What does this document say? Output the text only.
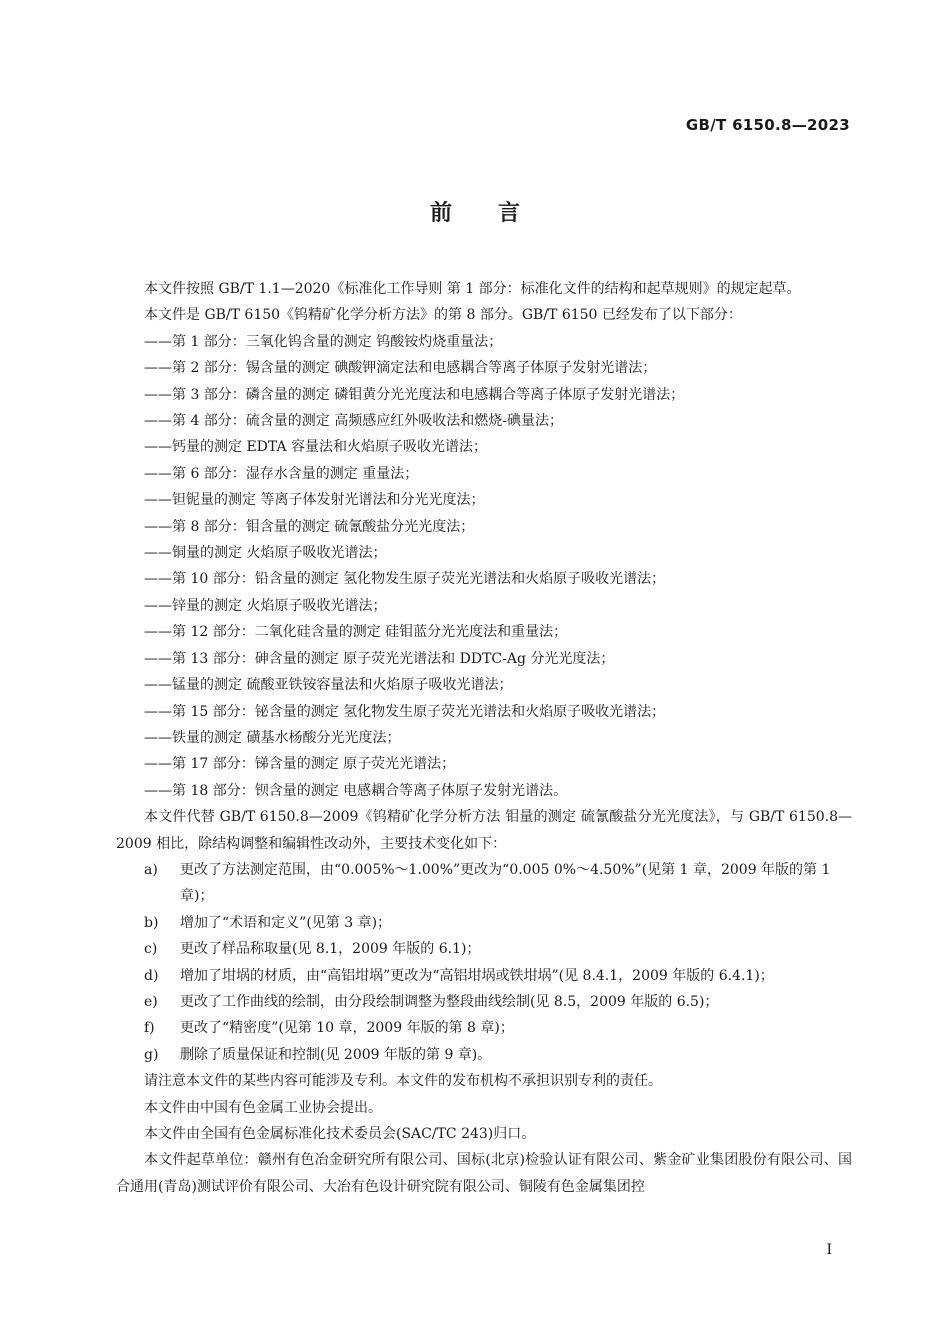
GB/T 6150.8—2023
前言

本文件按照 GB/T 1.1—2020《标准化工作导则 第 1 部分：标准化文件的结构和起草规则》的规定起草。

本文件是 GB/T 6150《钨精矿化学分析方法》的第 8 部分。GB/T 6150 已经发布了以下部分：

——第 1 部分：三氧化钨含量的测定 钨酸铵灼烧重量法；
——第 2 部分：锡含量的测定 碘酸钾滴定法和电感耦合等离子体原子发射光谱法；
——第 3 部分：磷含量的测定 磷钼黄分光光度法和电感耦合等离子体原子发射光谱法；
——第 4 部分：硫含量的测定 高频感应红外吸收法和燃烧-碘量法；
——钙量的测定 EDTA 容量法和火焰原子吸收光谱法；
——第 6 部分：湿存水含量的测定 重量法；
——钽铌量的测定 等离子体发射光谱法和分光光度法；
——第 8 部分：钼含量的测定 硫氰酸盐分光光度法；
——铜量的测定 火焰原子吸收光谱法；
——第 10 部分：铅含量的测定 氢化物发生原子荧光光谱法和火焰原子吸收光谱法；
——锌量的测定 火焰原子吸收光谱法；
——第 12 部分：二氧化硅含量的测定 硅钼蓝分光光度法和重量法；
——第 13 部分：砷含量的测定 原子荧光光谱法和 DDTC-Ag 分光光度法；
——锰量的测定 硫酸亚铁铵容量法和火焰原子吸收光谱法；
——第 15 部分：铋含量的测定 氢化物发生原子荧光光谱法和火焰原子吸收光谱法；
——铁量的测定 磺基水杨酸分光光度法；
——第 17 部分：锑含量的测定 原子荧光光谱法；
——第 18 部分：钡含量的测定 电感耦合等离子体原子发射光谱法。

本文件代替 GB/T 6150.8—2009《钨精矿化学分析方法 钼量的测定 硫氰酸盐分光光度法》，与 GB/T 6150.8—2009 相比，除结构调整和编辑性改动外，主要技术变化如下：

a) 更改了方法测定范围，由“0.005%～1.00%”更改为“0.005 0%～4.50%”(见第 1 章，2009 年版的第 1 章)；
b) 增加了“术语和定义”(见第 3 章)；
c) 更改了样品称取量(见 8.1，2009 年版的 6.1)；
d) 增加了坩埚的材质，由“高铝坩埚”更改为“高铝坩埚或铁坩埚”(见 8.4.1，2009 年版的 6.4.1)；
e) 更改了工作曲线的绘制，由分段绘制调整为整段曲线绘制(见 8.5，2009 年版的 6.5)；
f) 更改了“精密度”(见第 10 章，2009 年版的第 8 章)；
g) 删除了质量保证和控制(见 2009 年版的第 9 章)。

请注意本文件的某些内容可能涉及专利。本文件的发布机构不承担识别专利的责任。

本文件由中国有色金属工业协会提出。

本文件由全国有色金属标准化技术委员会(SAC/TC 243)归口。

本文件起草单位：赣州有色冶金研究所有限公司、国标(北京)检验认证有限公司、紫金矿业集团股份有限公司、国合通用(青岛)测试评价有限公司、大冶有色设计研究院有限公司、铜陵有色金属集团控

I
